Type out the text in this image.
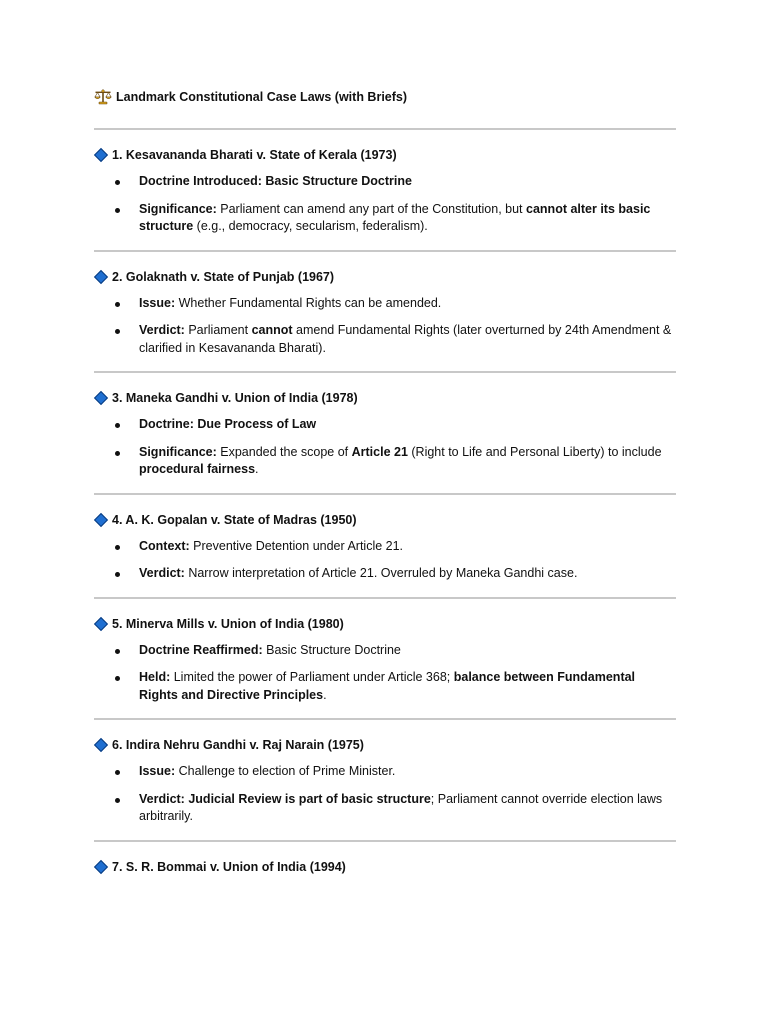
Landmark Constitutional Case Laws (with Briefs)
1. Kesavananda Bharati v. State of Kerala (1973)
Doctrine Introduced: Basic Structure Doctrine
Significance: Parliament can amend any part of the Constitution, but cannot alter its basic structure (e.g., democracy, secularism, federalism).
2. Golaknath v. State of Punjab (1967)
Issue: Whether Fundamental Rights can be amended.
Verdict: Parliament cannot amend Fundamental Rights (later overturned by 24th Amendment & clarified in Kesavananda Bharati).
3. Maneka Gandhi v. Union of India (1978)
Doctrine: Due Process of Law
Significance: Expanded the scope of Article 21 (Right to Life and Personal Liberty) to include procedural fairness.
4. A. K. Gopalan v. State of Madras (1950)
Context: Preventive Detention under Article 21.
Verdict: Narrow interpretation of Article 21. Overruled by Maneka Gandhi case.
5. Minerva Mills v. Union of India (1980)
Doctrine Reaffirmed: Basic Structure Doctrine
Held: Limited the power of Parliament under Article 368; balance between Fundamental Rights and Directive Principles.
6. Indira Nehru Gandhi v. Raj Narain (1975)
Issue: Challenge to election of Prime Minister.
Verdict: Judicial Review is part of basic structure; Parliament cannot override election laws arbitrarily.
7. S. R. Bommai v. Union of India (1994)
